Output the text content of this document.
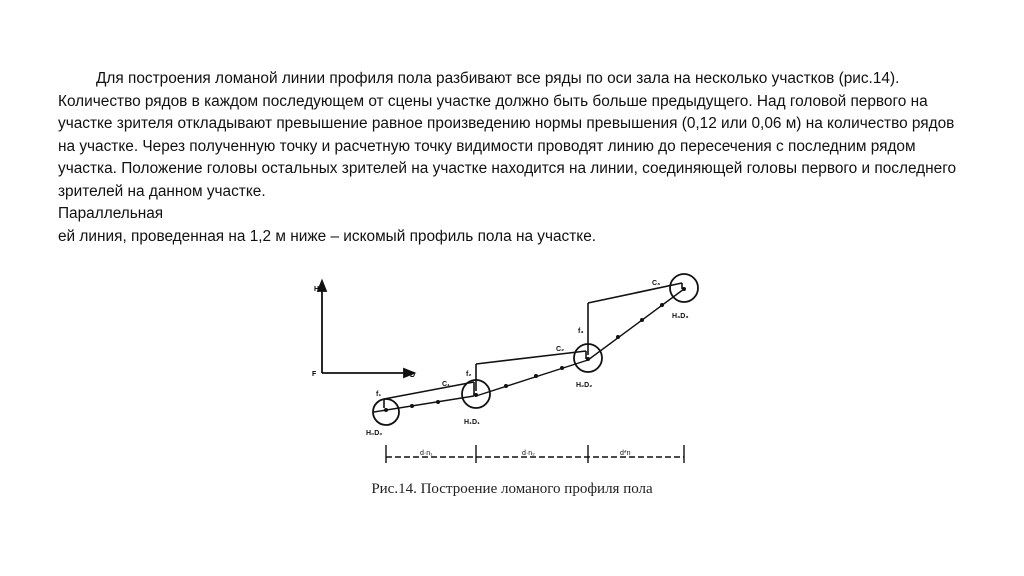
Для построения ломаной линии профиля пола разбивают все ряды по оси зала на несколько участков (рис.14). Количество рядов в каждом последующем от сцены участке должно быть больше предыдущего. Над головой первого на участке зрителя откладывают превышение равное произведению нормы превышения (0,12 или 0,06 м) на количество рядов на участке. Через полученную точку и расчетную точку видимости проводят линию до пересечения с последним рядом участка. Положение головы остальных зрителей на участке находится на линии, соединяющей головы первого и последнего зрителей на данном участке.

Параллельная

ей линия, проведенная на 1,2 м ниже – искомый профиль пола на участке.

H
F	D
H₀D₀
H₁D₁
H₂D₂
H₃D₃
f₁
f₂
f₃
C₁
C₂
C₃
d·n₁	d·n₂	d*n
Рис.14. Построение ломаного профиля пола
